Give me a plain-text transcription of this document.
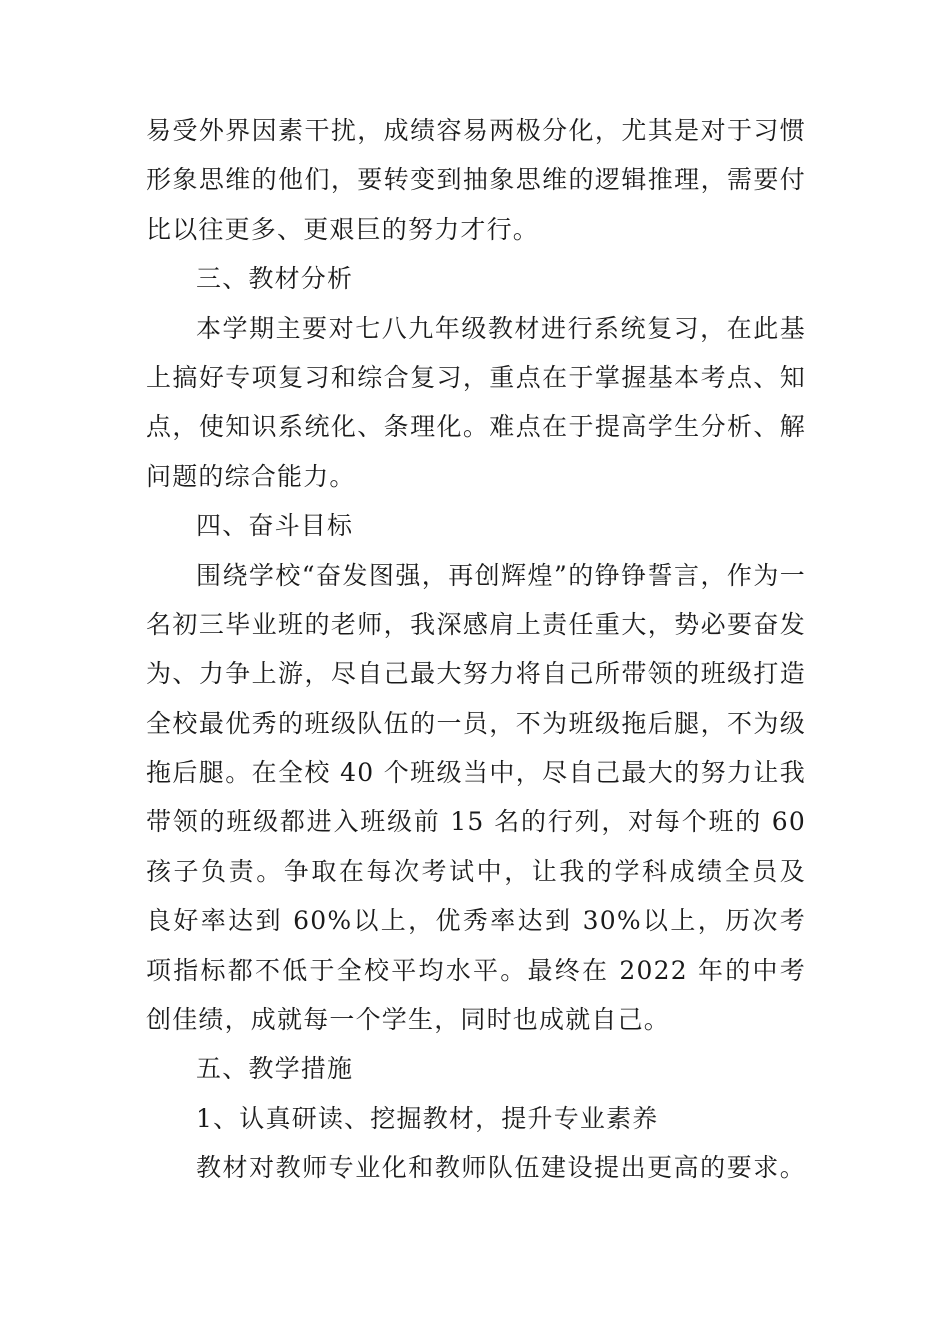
易受外界因素干扰，成绩容易两极分化，尤其是对于习惯
形象思维的他们，要转变到抽象思维的逻辑推理，需要付
比以往更多、更艰巨的努力才行。
三、教材分析
本学期主要对七八九年级教材进行系统复习，在此基
上搞好专项复习和综合复习，重点在于掌握基本考点、知
点，使知识系统化、条理化。难点在于提高学生分析、解
问题的综合能力。
四、奋斗目标
围绕学校“奋发图强，再创辉煌”的铮铮誓言，作为一
名初三毕业班的老师，我深感肩上责任重大，势必要奋发
为、力争上游，尽自己最大努力将自己所带领的班级打造
全校最优秀的班级队伍的一员，不为班级拖后腿，不为级
拖后腿。在全校 40 个班级当中，尽自己最大的努力让我
带领的班级都进入班级前 15 名的行列，对每个班的 60
孩子负责。争取在每次考试中，让我的学科成绩全员及
良好率达到 60%以上，优秀率达到 30%以上，历次考
项指标都不低于全校平均水平。最终在 2022 年的中考
创佳绩，成就每一个学生，同时也成就自己。
五、教学措施
1、认真研读、挖掘教材，提升专业素养
教材对教师专业化和教师队伍建设提出更高的要求。
